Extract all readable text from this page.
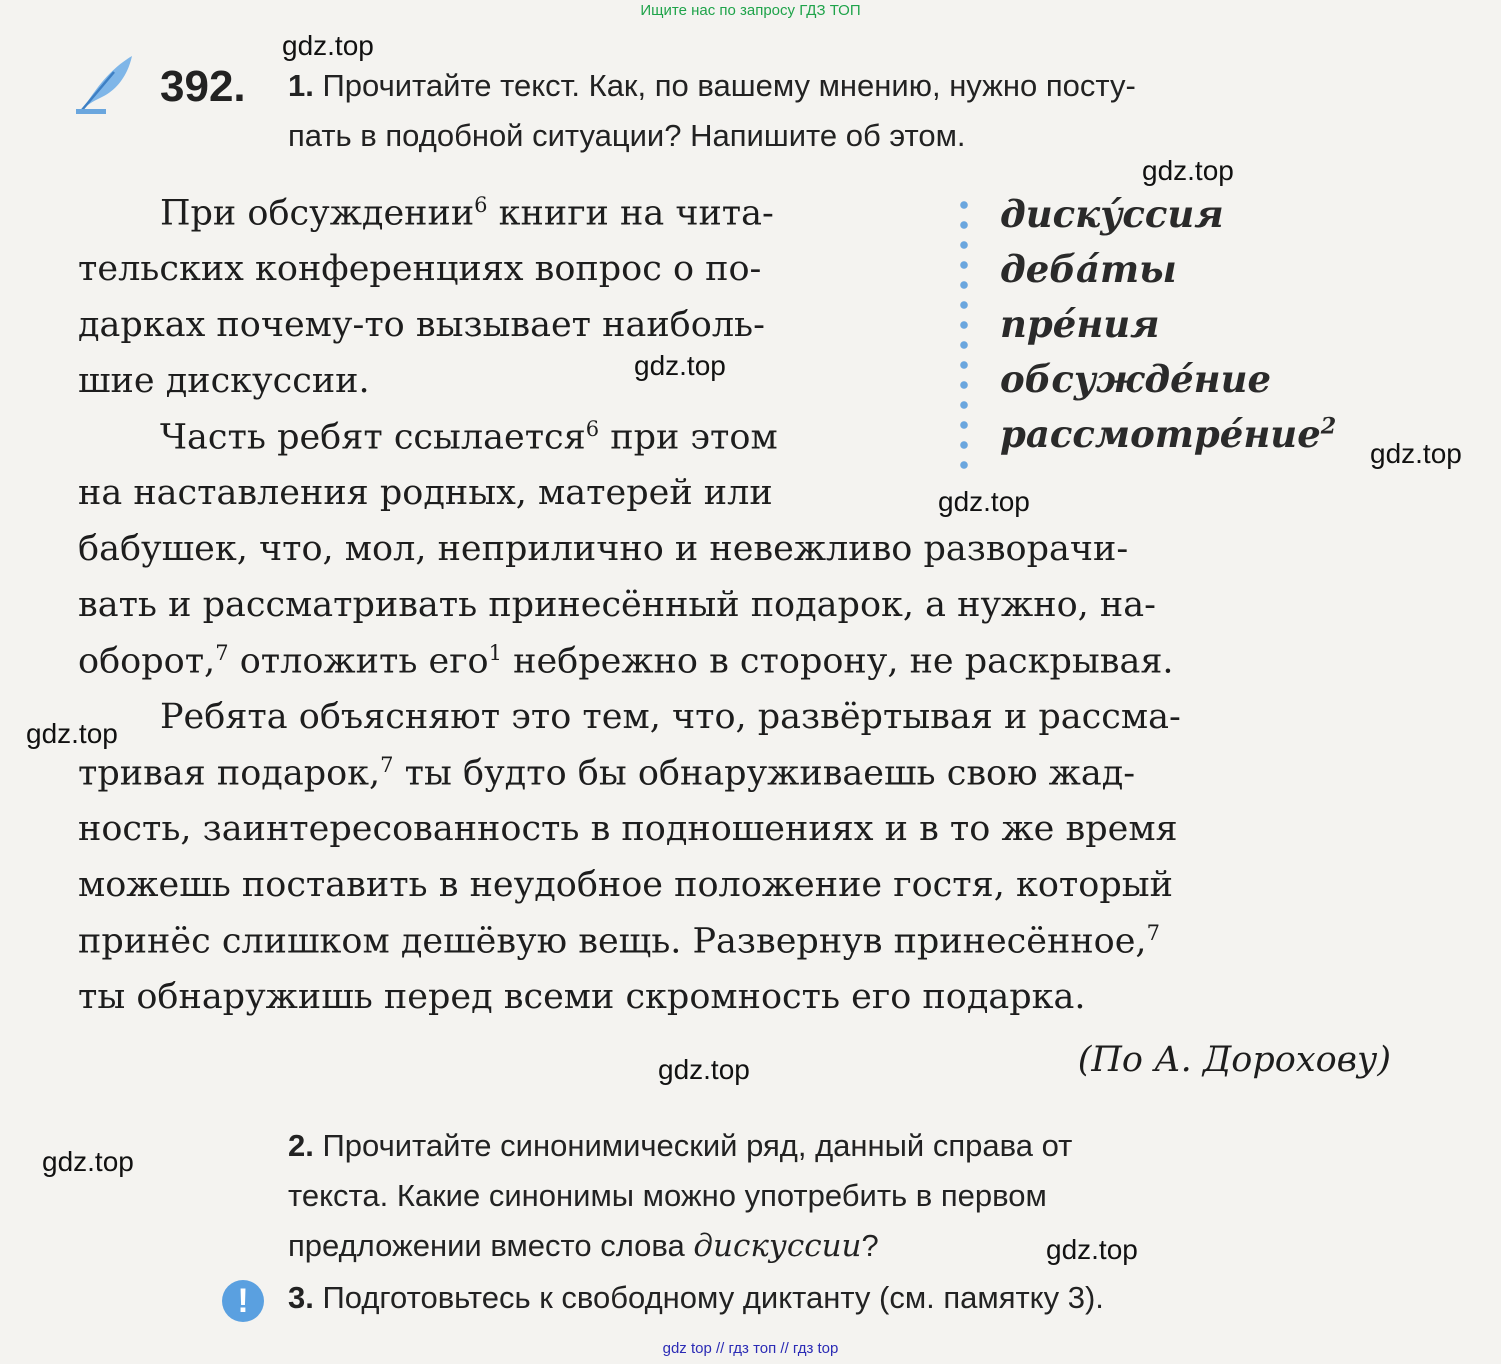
Ищите нас по запросу ГДЗ ТОП
gdz top // гдз топ // гдз top
392. 1. Прочитайте текст. Как, по вашему мнению, нужно посту-
пать в подобной ситуации? Напишите об этом.
При обсуждении$^6$ книги на чита-
тельских конференциях вопрос о по-
дарках почему-то вызывает наиболь-
шие дискуссии.
Часть ребят ссылается$^6$ при этом
на наставления родных, матерей или
бабушек, что, мол, неприлично и невежливо разворачи-
вать и рассматривать принесённый подарок, а нужно, на-
оборот,$^7$ отложить его$^1$ небрежно в сторону, не раскрывая.
Ребята объясняют это тем, что, развёртывая и рассма-
тривая подарок,$^7$ ты будто бы обнаруживаешь свою жад-
ность, заинтересованность в подношениях и в то же время
можешь поставить в неудобное положение гостя, который
принёс слишком дешёвую вещь. Развернув принесённое,$^7$
ты обнаружишь перед всеми скромность его подарка.
диску́ссия
деба́ты
пре́ния
обсужде́ние
рассмотре́ние$^2$
(По А. Дорохову)
2. Прочитайте синонимический ряд, данный справа от
текста. Какие синонимы можно употребить в первом
предложении вместо слова дискуссии?
!	3. Подготовьтесь к свободному диктанту (см. памятку 3).
gdz.top
gdz.top
gdz.top
gdz.top
gdz.top
gdz.top
gdz.top
gdz.top
gdz.top
